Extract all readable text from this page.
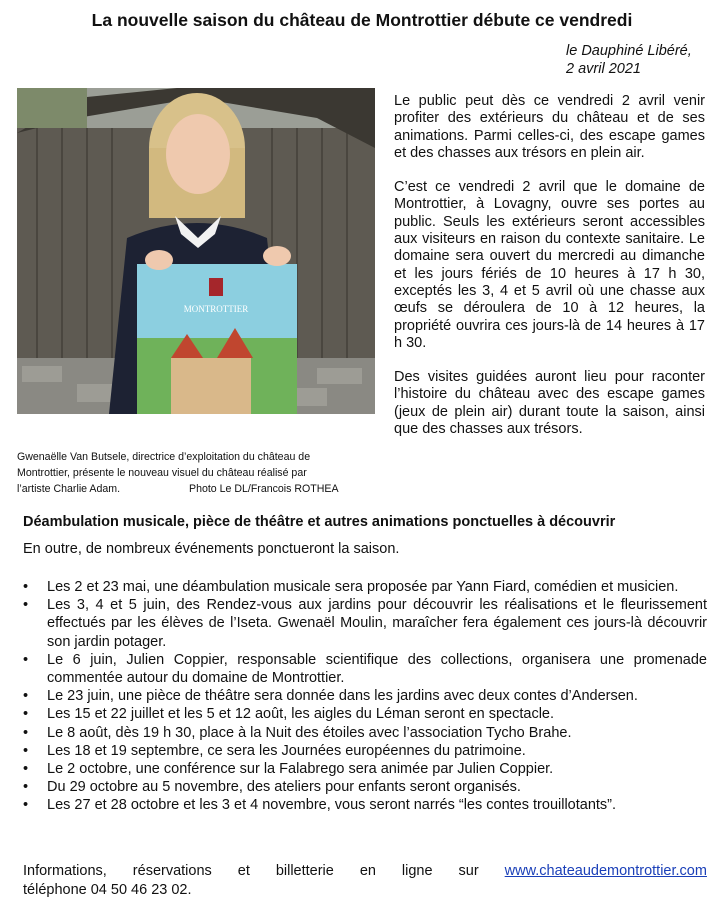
La nouvelle saison du château de Montrottier débute ce vendredi
le Dauphiné Libéré,
2 avril 2021
MONTROTTIER
Gwenaëlle Van Butsele, directrice d’exploitation du château de
Montrottier, présente le nouveau visuel du château réalisé par
l’artiste Charlie Adam.	Photo Le DL/Francois ROTHEA

Le public peut dès ce vendredi 2 avril venir profiter des extérieurs du château et de ses animations. Parmi celles-ci, des escape games et des chasses aux trésors en plein air.

C’est ce vendredi 2 avril que le domaine de Montrottier, à Lovagny, ouvre ses portes au public. Seuls les extérieurs seront accessibles aux visiteurs en raison du contexte sanitaire. Le domaine sera ouvert du mercredi au dimanche et les jours fériés de 10 heures à 17 h 30, exceptés les 3, 4 et 5 avril où une chasse aux œufs se déroulera de 10 à 12 heures, la propriété ouvrira ces jours-là de 14 heures à 17 h 30.

Des visites guidées auront lieu pour raconter l’histoire du château avec des escape games (jeux de plein air) durant toute la saison, ainsi que des chasses aux trésors.

Déambulation musicale, pièce de théâtre et autres animations ponctuelles à découvrir

En outre, de nombreux événements ponctueront la saison.

• Les 2 et 23 mai, une déambulation musicale sera proposée par Yann Fiard, comédien et musicien.
• Les 3, 4 et 5 juin, des Rendez-vous aux jardins pour découvrir les réalisations et le fleurissement effectués par les élèves de l’Iseta. Gwenaël Moulin, maraîcher fera également ces jours-là découvrir son jardin potager.
• Le 6 juin, Julien Coppier, responsable scientifique des collections, organisera une promenade commentée autour du domaine de Montrottier.
• Le 23 juin, une pièce de théâtre sera donnée dans les jardins avec deux contes d’Andersen.
• Les 15 et 22 juillet et les 5 et 12 août, les aigles du Léman seront en spectacle.
• Le 8 août, dès 19 h 30, place à la Nuit des étoiles avec l’association Tycho Brahe.
• Les 18 et 19 septembre, ce sera les Journées européennes du patrimoine.
• Le 2 octobre, une conférence sur la Falabrego sera animée par Julien Coppier.
• Du 29 octobre au 5 novembre, des ateliers pour enfants seront organisés.
• Les 27 et 28 octobre et les 3 et 4 novembre, vous seront narrés “les contes trouillotants”.
Informations, réservations et billetterie en ligne sur www.chateaudemontrottier.com
téléphone 04 50 46 23 02.
